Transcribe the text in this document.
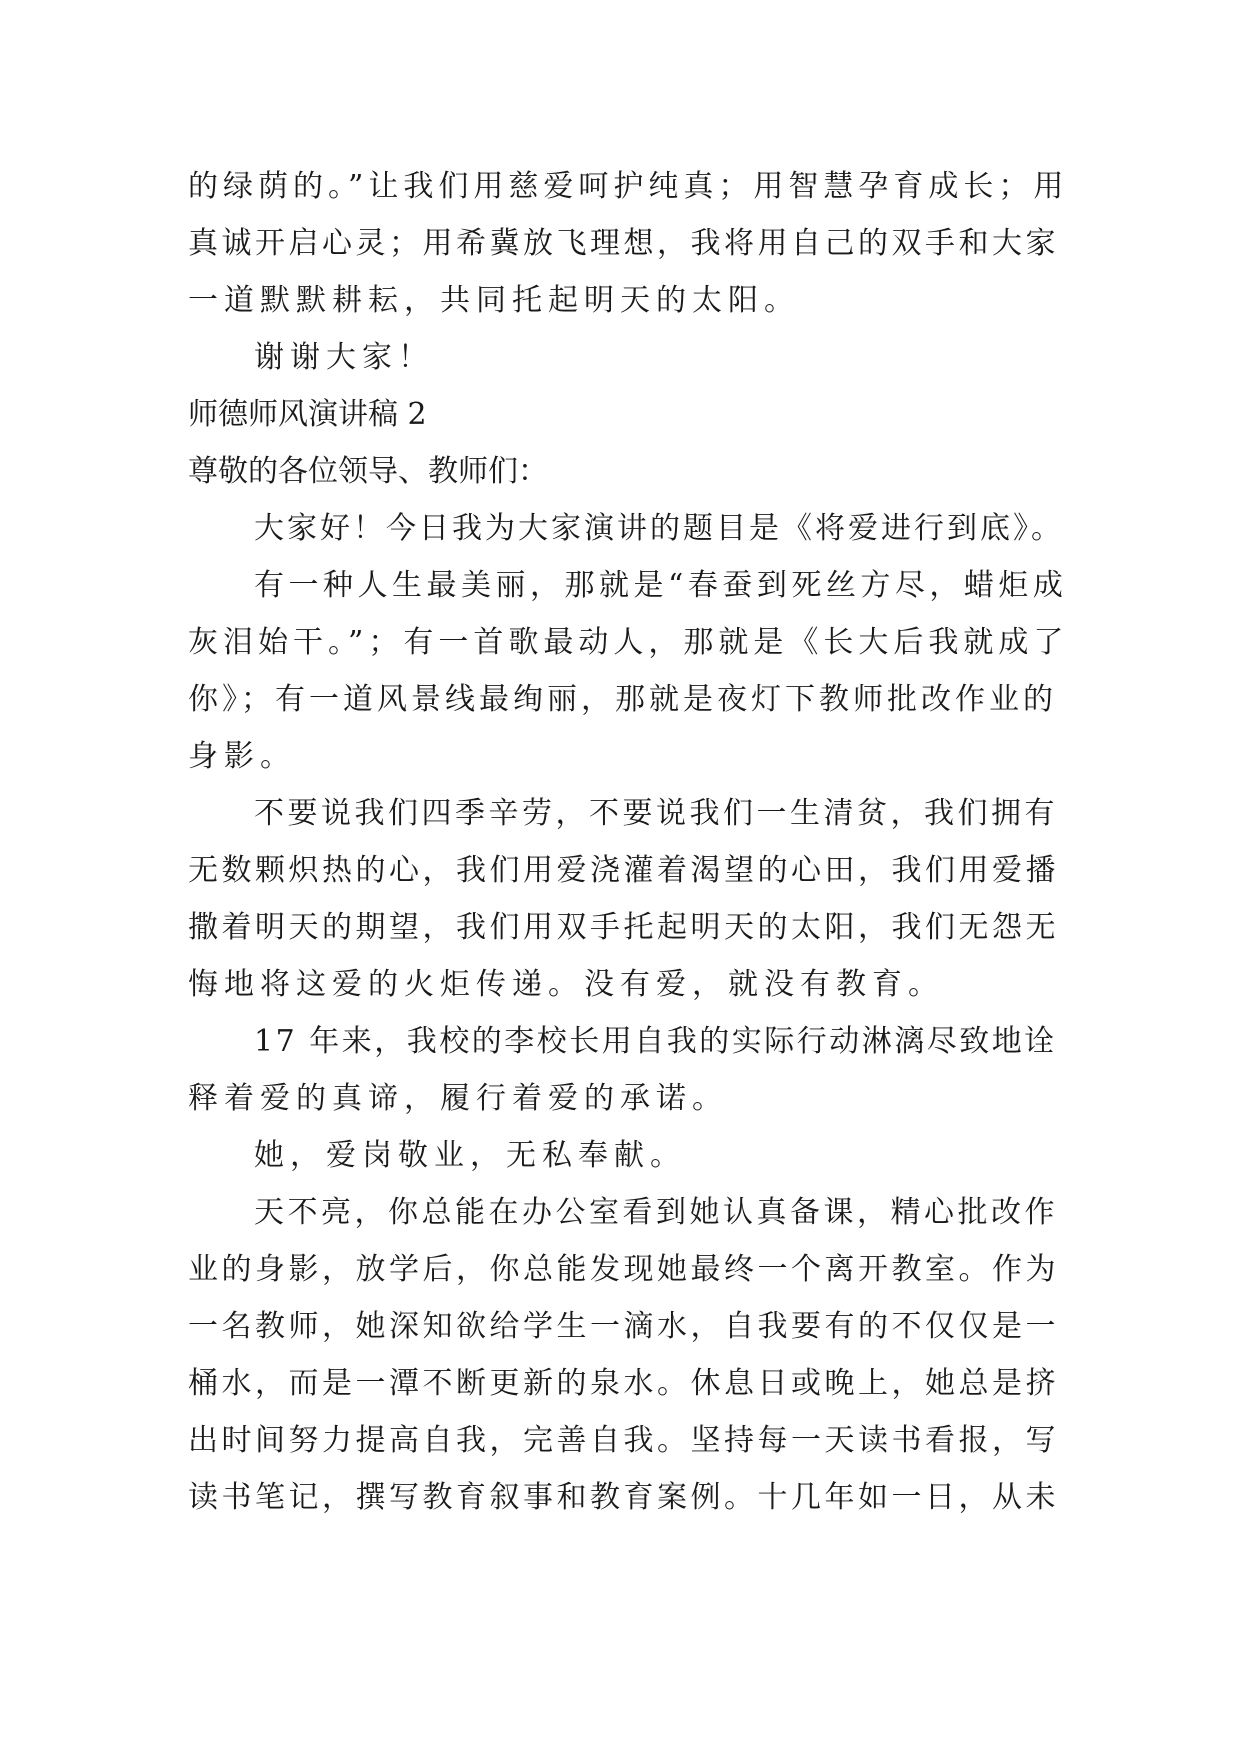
的绿荫的。”让我们用慈爱呵护纯真；用智慧孕育成长；用
真诚开启心灵；用希冀放飞理想，我将用自己的双手和大家
一道默默耕耘，共同托起明天的太阳。
谢谢大家！
师德师风演讲稿 2
尊敬的各位领导、教师们：
大家好！今日我为大家演讲的题目是《将爱进行到底》。
有一种人生最美丽，那就是“春蚕到死丝方尽，蜡炬成
灰泪始干。”；有一首歌最动人，那就是《长大后我就成了
你》；有一道风景线最绚丽，那就是夜灯下教师批改作业的
身影。
不要说我们四季辛劳，不要说我们一生清贫，我们拥有
无数颗炽热的心，我们用爱浇灌着渴望的心田，我们用爱播
撒着明天的期望，我们用双手托起明天的太阳，我们无怨无
悔地将这爱的火炬传递。没有爱，就没有教育。
17 年来，我校的李校长用自我的实际行动淋漓尽致地诠
释着爱的真谛，履行着爱的承诺。
她，爱岗敬业，无私奉献。
天不亮，你总能在办公室看到她认真备课，精心批改作
业的身影，放学后，你总能发现她最终一个离开教室。作为
一名教师，她深知欲给学生一滴水，自我要有的不仅仅是一
桶水，而是一潭不断更新的泉水。休息日或晚上，她总是挤
出时间努力提高自我，完善自我。坚持每一天读书看报，写
读书笔记，撰写教育叙事和教育案例。十几年如一日，从未
